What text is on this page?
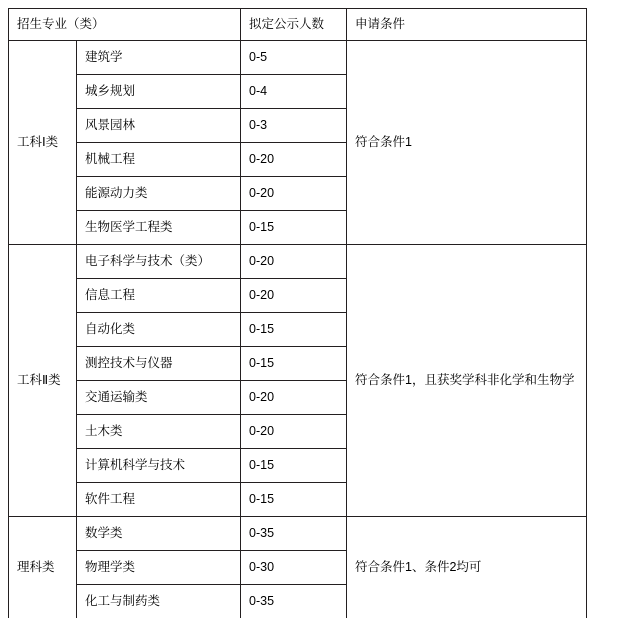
招生专业（类）		拟定公示人数	申请条件
工科Ⅰ类	建筑学	0-5	符合条件1
	城乡规划	0-4	
	风景园林	0-3	
	机械工程	0-20	
	能源动力类	0-20	
	生物医学工程类	0-15	
工科Ⅱ类	电子科学与技术（类）	0-20	符合条件1，且获奖学科非化学和生物学
	信息工程	0-20	
	自动化类	0-15	
	测控技术与仪器	0-15	
	交通运输类	0-20	
	土木类	0-20	
	计算机科学与技术	0-15	
	软件工程	0-15	
理科类	数学类	0-35	符合条件1、条件2均可
	物理学类	0-30	
	化工与制药类	0-35	
